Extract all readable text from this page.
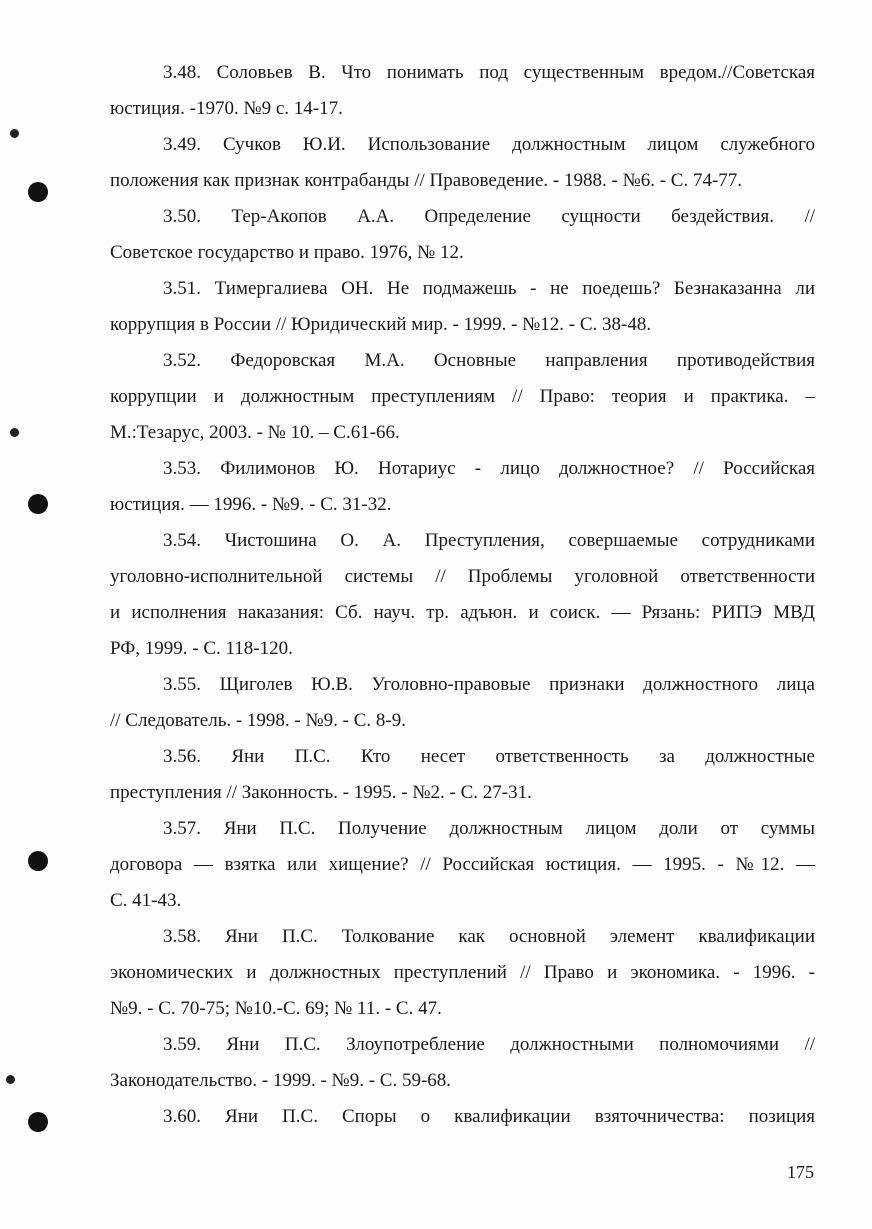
3.48. Соловьев В. Что понимать под существенным вредом.//Советская
юстиция. -1970. №9 с. 14-17.
3.49. Сучков Ю.И. Использование должностным лицом служебного
положения как признак контрабанды // Правоведение. - 1988. - №6. - С. 74-77.
3.50. Тер-Акопов А.А. Определение сущности бездействия. //
Советское государство и право. 1976, № 12.
3.51. Тимергалиева ОН. Не подмажешь - не поедешь? Безнаказанна ли
коррупция в России // Юридический мир. - 1999. - №12. - С. 38-48.
3.52. Федоровская М.А. Основные направления противодействия
коррупции и должностным преступлениям // Право: теория и практика. –
М.:Тезарус, 2003. - № 10. – С.61-66.
3.53. Филимонов Ю. Нотариус - лицо должностное? // Российская
юстиция. — 1996. - №9. - С. 31-32.
3.54. Чистошина О. А. Преступления, совершаемые сотрудниками
уголовно-исполнительной системы // Проблемы уголовной ответственности
и исполнения наказания: Сб. науч. тр. адъюн. и соиск. — Рязань: РИПЭ МВД
РФ, 1999. - С. 118-120.
3.55. Щиголев Ю.В. Уголовно-правовые признаки должностного лица
// Следователь. - 1998. - №9. - С. 8-9.
3.56. Яни П.С. Кто несет ответственность за должностные
преступления // Законность. - 1995. - №2. - С. 27-31.
3.57. Яни П.С. Получение должностным лицом доли от суммы
договора — взятка или хищение? // Российская юстиция. — 1995. - №12. —
С. 41-43.
3.58. Яни П.С. Толкование как основной элемент квалификации
экономических и должностных преступлений // Право и экономика. - 1996. -
№9. - С. 70-75; №10.-С. 69; № 11. - С. 47.
3.59. Яни П.С. Злоупотребление должностными полномочиями //
Законодательство. - 1999. - №9. - С. 59-68.
3.60. Яни П.С. Споры о квалификации взяточничества: позиция
175
